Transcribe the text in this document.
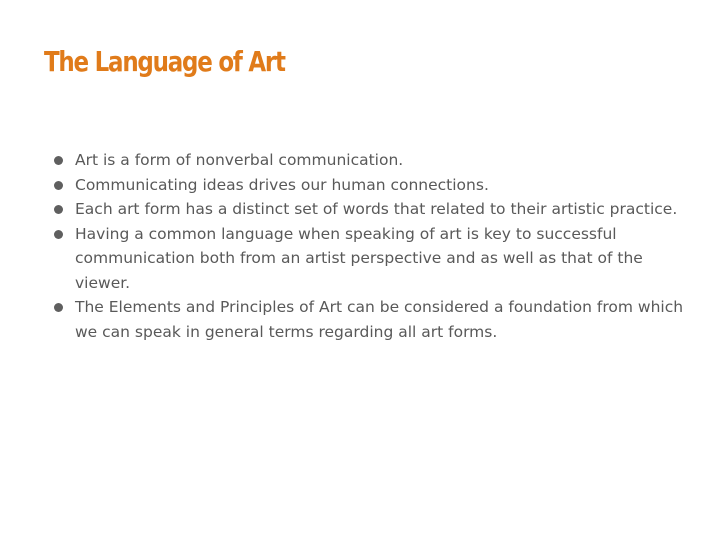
The Language of Art
Art is a form of nonverbal communication.
Communicating ideas drives our human connections.
Each art form has a distinct set of words that related to their artistic practice.
Having a common language when speaking of art is key to successful communication both from an artist perspective and as well as that of the viewer.
The Elements and Principles of Art can be considered a foundation from which we can speak in general terms regarding all art forms.
